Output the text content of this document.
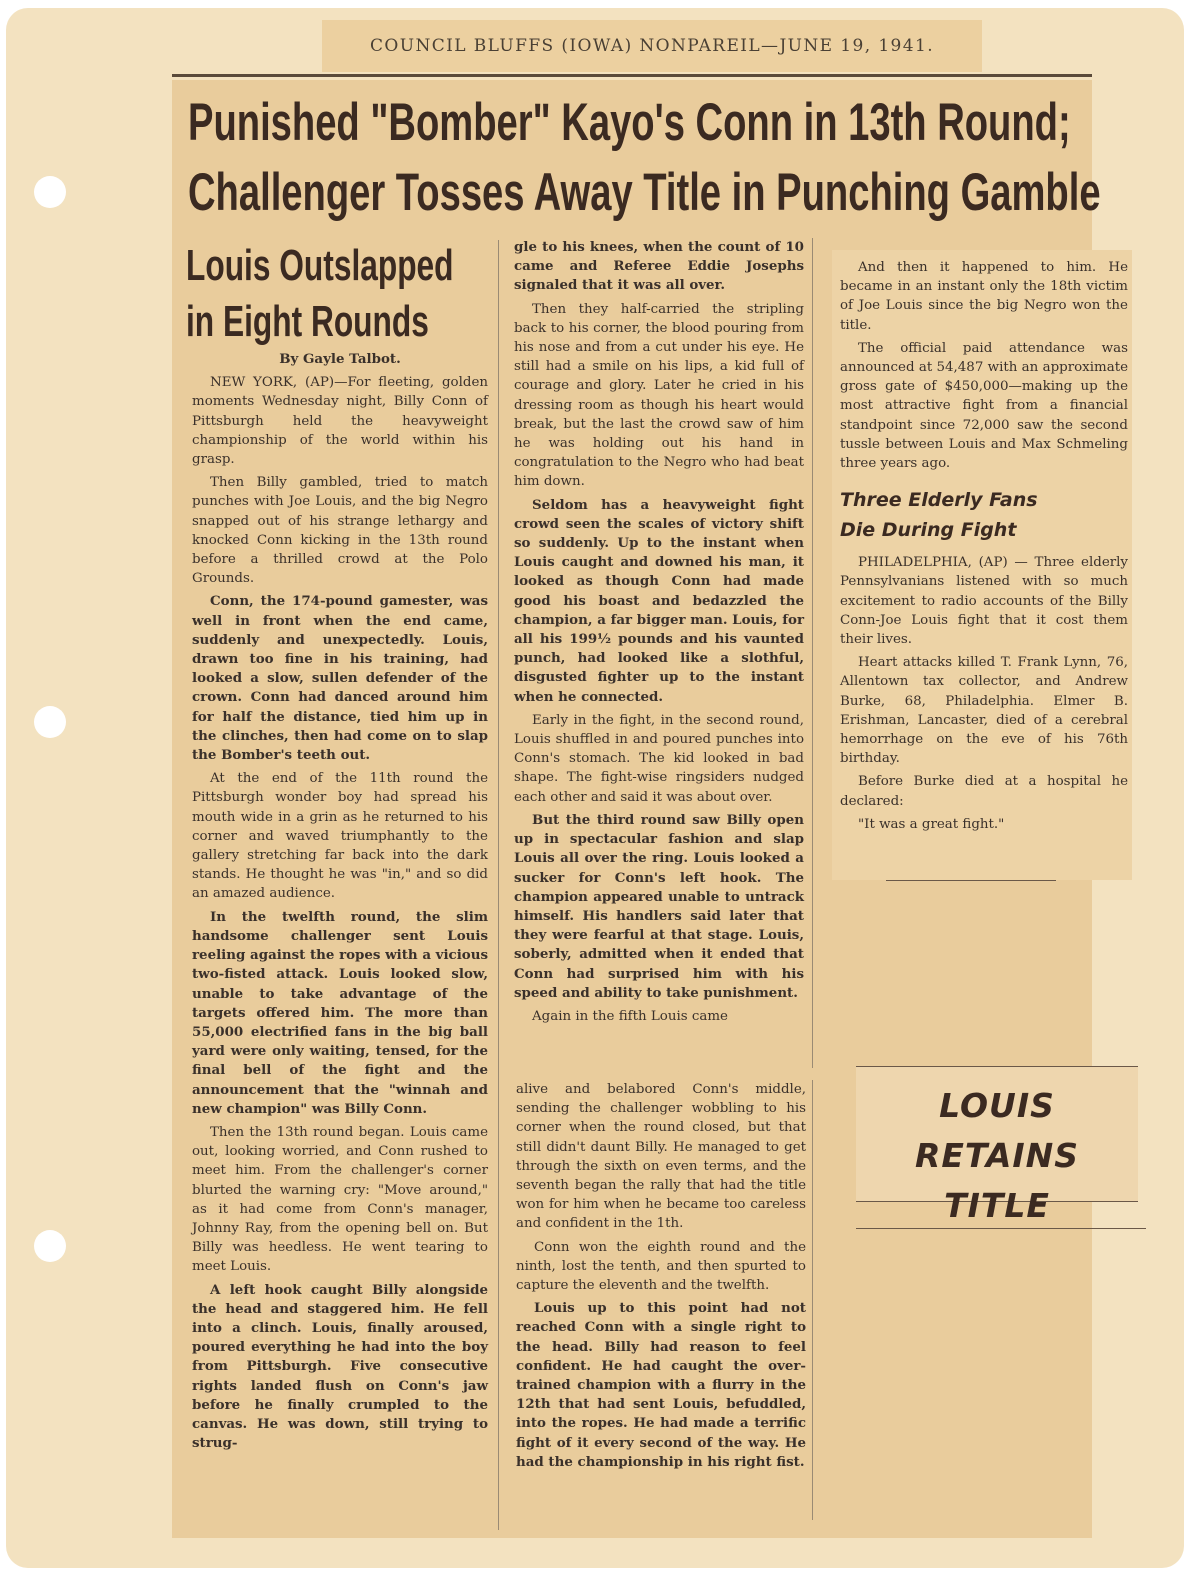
COUNCIL BLUFFS (IOWA) NONPAREIL—JUNE 19, 1941.
Punished "Bomber" Kayo's Conn in 13th Round;
Challenger Tosses Away Title in Punching Gamble
Louis Outslapped
in Eight Rounds

By Gayle Talbot.

NEW YORK, (AP)—For fleeting, golden moments Wednesday night, Billy Conn of Pittsburgh held the heavyweight championship of the world within his grasp.

Then Billy gambled, tried to match punches with Joe Louis, and the big Negro snapped out of his strange lethargy and knocked Conn kicking in the 13th round before a thrilled crowd at the Polo Grounds.

Conn, the 174-pound gamester, was well in front when the end came, suddenly and unexpectedly. Louis, drawn too fine in his training, had looked a slow, sullen defender of the crown. Conn had danced around him for half the distance, tied him up in the clinches, then had come on to slap the Bomber's teeth out.

At the end of the 11th round the Pittsburgh wonder boy had spread his mouth wide in a grin as he returned to his corner and waved triumphantly to the gallery stretching far back into the dark stands. He thought he was "in," and so did an amazed audience.

In the twelfth round, the slim handsome challenger sent Louis reeling against the ropes with a vicious two-fisted attack. Louis looked slow, unable to take advantage of the targets offered him. The more than 55,000 electrified fans in the big ball yard were only waiting, tensed, for the final bell of the fight and the announcement that the "winnah and new champion" was Billy Conn.

Then the 13th round began. Louis came out, looking worried, and Conn rushed to meet him. From the challenger's corner blurted the warning cry: "Move around," as it had come from Conn's manager, Johnny Ray, from the opening bell on. But Billy was heedless. He went tearing to meet Louis.

A left hook caught Billy alongside the head and staggered him. He fell into a clinch. Louis, finally aroused, poured everything he had into the boy from Pittsburgh. Five consecutive rights landed flush on Conn's jaw before he finally crumpled to the canvas. He was down, still trying to strug-

gle to his knees, when the count of 10 came and Referee Eddie Josephs signaled that it was all over.

Then they half-carried the stripling back to his corner, the blood pouring from his nose and from a cut under his eye. He still had a smile on his lips, a kid full of courage and glory. Later he cried in his dressing room as though his heart would break, but the last the crowd saw of him he was holding out his hand in congratulation to the Negro who had beat him down.

Seldom has a heavyweight fight crowd seen the scales of victory shift so suddenly. Up to the instant when Louis caught and downed his man, it looked as though Conn had made good his boast and bedazzled the champion, a far bigger man. Louis, for all his 199½ pounds and his vaunted punch, had looked like a slothful, disgusted fighter up to the instant when he connected.

Early in the fight, in the second round, Louis shuffled in and poured punches into Conn's stomach. The kid looked in bad shape. The fight-wise ringsiders nudged each other and said it was about over.

But the third round saw Billy open up in spectacular fashion and slap Louis all over the ring. Louis looked a sucker for Conn's left hook. The champion appeared unable to untrack himself. His handlers said later that they were fearful at that stage. Louis, soberly, admitted when it ended that Conn had surprised him with his speed and ability to take punishment.

Again in the fifth Louis came

alive and belabored Conn's middle, sending the challenger wobbling to his corner when the round closed, but that still didn't daunt Billy. He managed to get through the sixth on even terms, and the seventh began the rally that had the title won for him when he became too careless and confident in the 1th.

Conn won the eighth round and the ninth, lost the tenth, and then spurted to capture the eleventh and the twelfth.

Louis up to this point had not reached Conn with a single right to the head. Billy had reason to feel confident. He had caught the over-trained champion with a flurry in the 12th that had sent Louis, befuddled, into the ropes. He had made a terrific fight of it every second of the way. He had the championship in his right fist.

And then it happened to him. He became in an instant only the 18th victim of Joe Louis since the big Negro won the title.

The official paid attendance was announced at 54,487 with an approximate gross gate of $450,000—making up the most attractive fight from a financial standpoint since 72,000 saw the second tussle between Louis and Max Schmeling three years ago.

Three Elderly Fans
Die During Fight

PHILADELPHIA, (AP) — Three elderly Pennsylvanians listened with so much excitement to radio accounts of the Billy Conn-Joe Louis fight that it cost them their lives.

Heart attacks killed T. Frank Lynn, 76, Allentown tax collector, and Andrew Burke, 68, Philadelphia. Elmer B. Erishman, Lancaster, died of a cerebral hemorrhage on the eve of his 76th birthday.

Before Burke died at a hospital he declared:

"It was a great fight."

LOUIS RETAINS
TITLE
